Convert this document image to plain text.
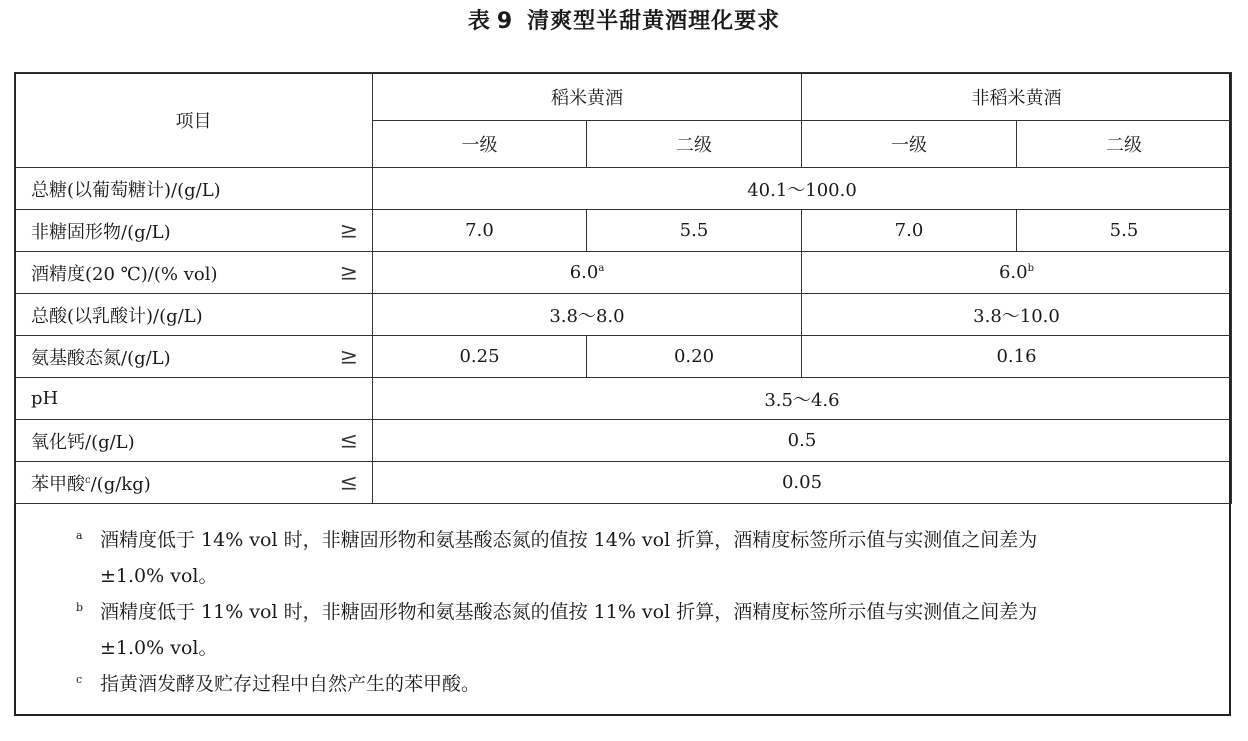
表 9 清爽型半甜黄酒理化要求
项目	稻米黄酒		非稻米黄酒	
	一级	二级	一级	二级
总糖(以葡萄糖计)/(g/L)	40.1～100.0			
非糖固形物/(g/L) ≥	7.0	5.5	7.0	5.5
酒精度(20 ℃)/(% vol) ≥	6.0$^a$		6.0$^b$
总酸(以乳酸计)/(g/L)	3.8～8.0		3.8～10.0	
氨基酸态氮/(g/L) ≥	0.25	0.20	0.16	
pH	3.5～4.6			
氧化钙/(g/L) ≤	0.5			
苯甲酸$^c$/(g/kg) ≤	0.05			
a 酒精度低于 14% vol 时，非糖固形物和氨基酸态氮的值按 14% vol 折算，酒精度标签所示值与实测值之间差为
±1.0% vol。
b 酒精度低于 11% vol 时，非糖固形物和氨基酸态氮的值按 11% vol 折算，酒精度标签所示值与实测值之间差为
±1.0% vol。
c 指黄酒发酵及贮存过程中自然产生的苯甲酸。
